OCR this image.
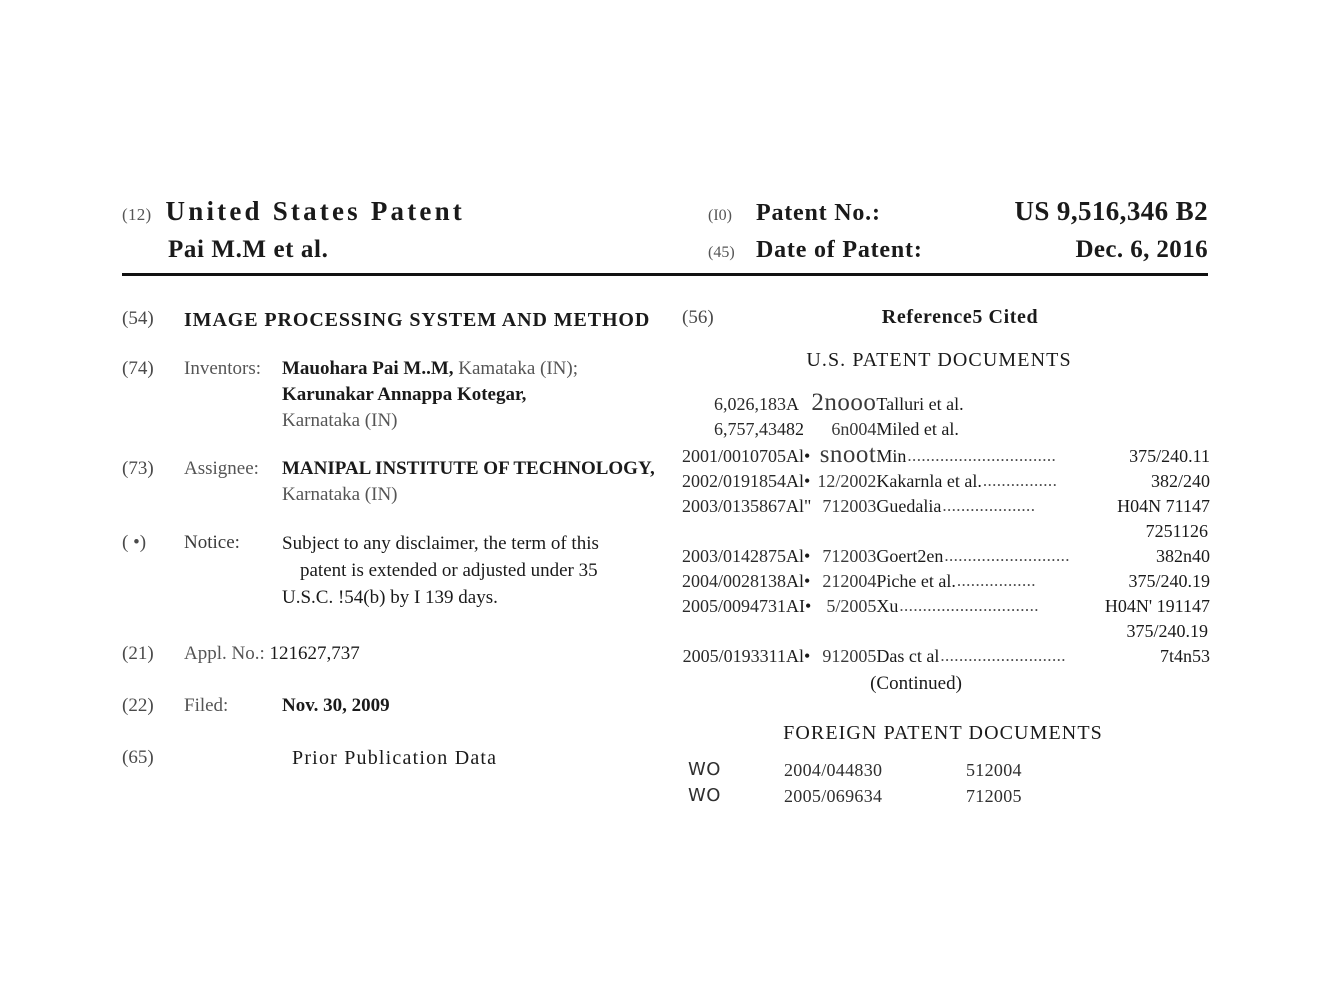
(12) United States Patent
Pai M.M et al.
(I0)	Patent No.:	US 9,516,346 B2
(45) Date of Patent:	Dec. 6, 2016
(54)	IMAGE PROCESSING SYSTEM AND METHOD
(74)	Inventors:	Mauohara Pai M..M, Kamataka (IN);
Karunakar Annappa Kotegar,
Karnataka (IN)
(73)	Assignee:	MANIPAL INSTITUTE OF TECHNOLOGY, Karnataka (IN)
( •)	Notice:	Subject to any disclaimer, the term of this
patent is extended or adjusted under 35
U.S.C. !54(b) by I 139 days.
(21)	Appl. No.: 121627,737
(22)	Filed:	Nov. 30, 2009
(65)	Prior Publication Data
(56)	Reference5 Cited
U.S. PATENT DOCUMENTS
6,026,183	A	2nooo	Talluri et al.
6,757,434	82	6n004	Miled et al.
2001/0010705	Al•	snoot	Min ................................ 375/240.11

2002/0191854	Al•	12/2002	Kakarnla et al. ................ 382/240

2003/0135867	Al"	712003	Guedalia .................... H04N 71147

			7251126
2003/0142875	Al•	712003	Goert2en ........................... 382n40

2004/0028138	Al•	212004	Piche et al. ................. 375/240.19

2005/0094731	AI•	5/2005	Xu .............................. H04N' 191147

			375/240.19
2005/0193311	Al•	912005	Das ct al ........................... 7t4n53

(Continued)			
FOREIGN PATENT DOCUMENTS
WO	2004/044830	512004
WO	2005/069634	712005
